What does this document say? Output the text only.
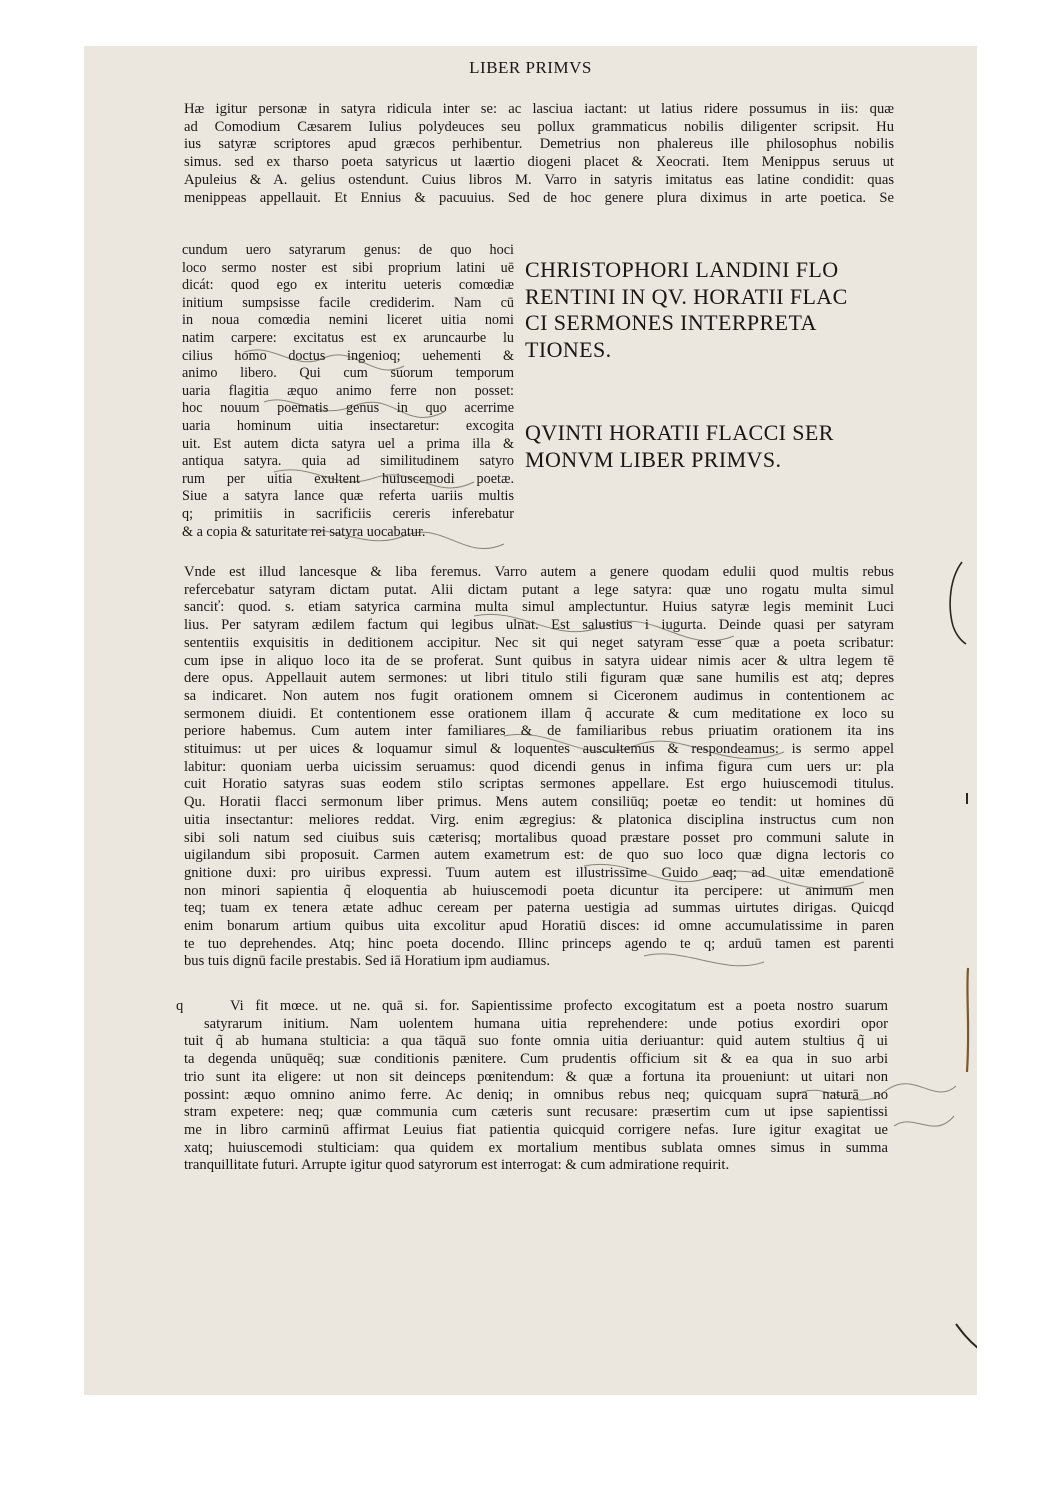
LIBER PRIMVS
Hæ igitur personæ in satyra ridicula inter se: ac lasciua iactant: ut latius ridere possumus in iis: quæ
ad Comodium Cæsarem Iulius polydeuces seu pollux grammaticus nobilis diligenter scripsit. Hu
ius satyræ scriptores apud græcos perhibentur. Demetrius non phalereus ille philosophus nobilis
simus. sed ex tharso poeta satyricus ut laærtio diogeni placet & Xeocrati. Item Menippus seruus ut
Apuleius & A. gelius ostendunt. Cuius libros M. Varro in satyris imitatus eas latine condidit: quas
menippeas appellauit. Et Ennius & pacuuius. Sed de hoc genere plura diximus in arte poetica. Se
cundum uero satyrarum genus: de quo hoci
loco sermo noster est sibi proprium latini uē
dicát: quod ego ex interitu ueteris comœdiæ
initium sumpsisse facile crediderim. Nam cū
in noua comœdia nemini liceret uitia nomi
natim carpere: excitatus est ex aruncaurbe lu
cilius homo doctus ingenioq; uehementi &
animo libero. Qui cum suorum temporum
uaria flagitia æquo animo ferre non posset:
hoc nouum poematis genus in quo acerrime
uaria hominum uitia insectaretur: excogita
uit. Est autem dicta satyra uel a prima illa &
antiqua satyra. quia ad similitudinem satyro
rum per uitia exultent huiuscemodi poetæ.
Siue a satyra lance quæ referta uariis multis
q; primitiis in sacrificiis cereris inferebatur
& a copia & saturitate rei satyra uocabatur.
CHRISTOPHORI LANDINI FLO
RENTINI IN QV. HORATII FLAC
CI SERMONES INTERPRETA
TIONES.
QVINTI HORATII FLACCI SER
MONVM LIBER PRIMVS.
Vnde est illud lancesque & liba feremus. Varro autem a genere quodam edulii quod multis rebus
refercebatur satyram dictam putat. Alii dictam putant a lege satyra: quæ uno rogatu multa simul
sanciť: quod. s. etiam satyrica carmina multa simul amplectuntur. Huius satyræ legis meminit Luci
lius. Per satyram ædilem factum qui legibus ulnat. Est salustius i iugurta. Deinde quasi per satyram
sententiis exquisitis in deditionem accipitur. Nec sit qui neget satyram esse quæ a poeta scribatur:
cum ipse in aliquo loco ita de se proferat. Sunt quibus in satyra uidear nimis acer & ultra legem tē
dere opus. Appellauit autem sermones: ut libri titulo stili figuram quæ sane humilis est atq; depres
sa indicaret. Non autem nos fugit orationem omnem si Ciceronem audimus in contentionem ac
sermonem diuidi. Et contentionem esse orationem illam q̃ accurate & cum meditatione ex loco su
periore habemus. Cum autem inter familiares & de familiaribus rebus priuatim orationem ita ins
stituimus: ut per uices & loquamur simul & loquentes auscultemus & respondeamus: is sermo appel
labitur: quoniam uerba uicissim seruamus: quod dicendi genus in infima figura cum uers ur: pla
cuit Horatio satyras suas eodem stilo scriptas sermones appellare. Est ergo huiuscemodi titulus.
Qu. Horatii flacci sermonum liber primus. Mens autem consiliūq; poetæ eo tendit: ut homines dū
uitia insectantur: meliores reddat. Virg. enim ægregius: & platonica disciplina instructus cum non
sibi soli natum sed ciuibus suis cæterisq; mortalibus quoad præstare posset pro communi salute in
uigilandum sibi proposuit. Carmen autem exametrum est: de quo suo loco quæ digna lectoris co
gnitione duxi: pro uiribus expressi. Tuum autem est illustrissime Guido eaq; ad uitæ emendationē
non minori sapientia q̃ eloquentia ab huiuscemodi poeta dicuntur ita percipere: ut animum men
teq; tuam ex tenera ætate adhuc ceream per paterna uestigia ad summas uirtutes dirigas. Quicqd
enim bonarum artium quibus uita excolitur apud Horatiū disces: id omne accumulatissime in paren
te tuo deprehendes. Atq; hinc poeta docendo. Illinc princeps agendo te q; arduū tamen est parenti
bus tuis dignū facile prestabis. Sed iā Horatium ipm audiamus.
q	Vi fit mœce. ut ne. quā si. for. Sapientissime profecto excogitatum est a poeta nostro suarum
satyrarum initium. Nam uolentem humana uitia reprehendere: unde potius exordiri opor
tuit q̃ ab humana stulticia: a qua tāquā suo fonte omnia uitia deriuantur: quid autem stultius q̃ ui
ta degenda unūquēq; suæ conditionis pænitere. Cum prudentis officium sit & ea qua in suo arbi
trio sunt ita eligere: ut non sit deinceps pœnitendum: & quæ a fortuna ita proueniunt: ut uitari non
possint: æquo omnino animo ferre. Ac deniq; in omnibus rebus neq; quicquam supra naturā no
stram expetere: neq; quæ communia cum cæteris sunt recusare: præsertim cum ut ipse sapientissi
me in libro carminū affirmat Leuius fiat patientia quicquid corrigere nefas. Iure igitur exagitat ue
xatq; huiuscemodi stulticiam: qua quidem ex mortalium mentibus sublata omnes simus in summa
tranquillitate futuri. Arrupte igitur quod satyrorum est interrogat: & cum admiratione requirit.
